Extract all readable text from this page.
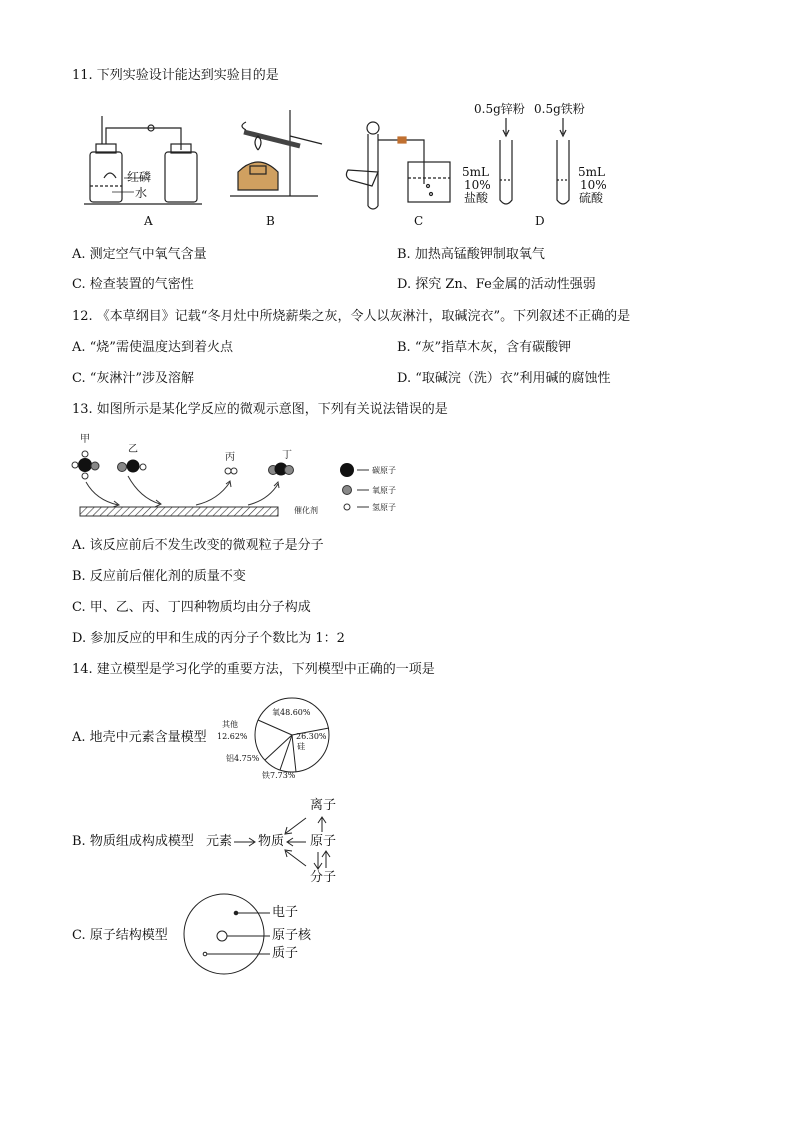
11. 下列实验设计能达到实验目的是
红磷
水
A	B	C	D
0.5g锌粉 0.5g铁粉
5mL
10%
盐酸
5mL
10%
硫酸
A. 测定空气中氧气含量	B. 加热高锰酸钾制取氧气
C. 检查装置的气密性	D. 探究 Zn、Fe金属的活动性强弱
12. 《本草纲目》记载“冬月灶中所烧薪柴之灰，令人以灰淋汁，取碱浣衣”。下列叙述不正确的是
A. “烧”需使温度达到着火点	B. “灰”指草木灰，含有碳酸钾
C. “灰淋汁”涉及溶解	D. “取碱浣（洗）衣”利用碱的腐蚀性
13. 如图所示是某化学反应的微观示意图，下列有关说法错误的是
甲
乙
丙	丁
催化剂
碳原子
氧原子
氢原子
A. 该反应前后不发生改变的微观粒子是分子
B. 反应前后催化剂的质量不变
C. 甲、乙、丙、丁四种物质均由分子构成
D. 参加反应的甲和生成的丙分子个数比为 1：2
14. 建立模型是学习化学的重要方法，下列模型中正确的一项是
A. 地壳中元素含量模型
氧48.60%
其他
12.62%	26.30%
硅
铝4.75%
铁7.73%
B. 物质组成构成模型 元素 物质
离子
原子
分子
C. 原子结构模型
电子
原子核
质子
